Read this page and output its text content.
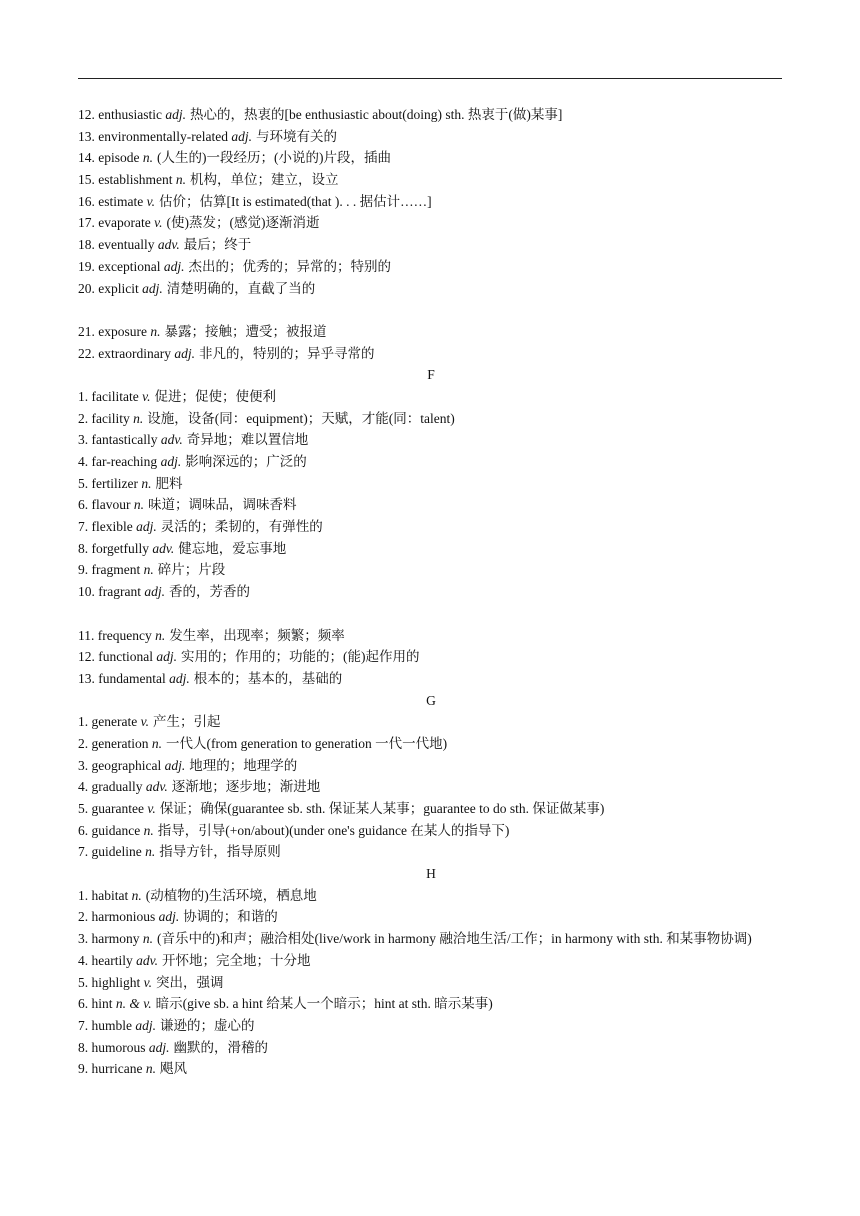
12. enthusiastic adj. 热心的，热衷的[be enthusiastic about(doing) sth. 热衷于(做)某事]
13. environmentally-related adj. 与环境有关的
14. episode n. (人生的)一段经历；(小说的)片段，插曲
15. establishment n. 机构，单位；建立，设立
16. estimate v. 估价；估算[It is estimated(that ). . . 据估计……]
17. evaporate v. (使)蒸发；(感觉)逐渐消逝
18. eventually adv. 最后；终于
19. exceptional adj. 杰出的；优秀的；异常的；特别的
20. explicit adj. 清楚明确的，直截了当的
21. exposure n. 暴露；接触；遭受；被报道
22. extraordinary adj. 非凡的，特别的；异乎寻常的
F
1. facilitate v. 促进；促使；使便利
2. facility n. 设施，设备(同：equipment)；天赋，才能(同：talent)
3. fantastically adv. 奇异地；难以置信地
4. far-reaching adj. 影响深远的；广泛的
5. fertilizer n. 肥料
6. flavour n. 味道；调味品，调味香料
7. flexible adj. 灵活的；柔韧的，有弹性的
8. forgetfully adv. 健忘地，爱忘事地
9. fragment n. 碎片；片段
10. fragrant adj. 香的，芳香的
11. frequency n. 发生率，出现率；频繁；频率
12. functional adj. 实用的；作用的；功能的；(能)起作用的
13. fundamental adj. 根本的；基本的，基础的
G
1. generate v. 产生；引起
2. generation n. 一代人(from generation to generation 一代一代地)
3. geographical adj. 地理的；地理学的
4. gradually adv. 逐渐地；逐步地；渐进地
5. guarantee v. 保证；确保(guarantee sb. sth. 保证某人某事；guarantee to do sth. 保证做某事)
6. guidance n. 指导，引导(+on/about)(under one's guidance 在某人的指导下)
7. guideline n. 指导方针，指导原则
H
1. habitat n. (动植物的)生活环境，栖息地
2. harmonious adj. 协调的；和谐的
3. harmony n. (音乐中的)和声；融洽相处(live/work in harmony 融洽地生活/工作；in harmony with sth. 和某事物协调)
4. heartily adv. 开怀地；完全地；十分地
5. highlight v. 突出，强调
6. hint n. & v. 暗示(give sb. a hint 给某人一个暗示；hint at sth. 暗示某事)
7. humble adj. 谦逊的；虚心的
8. humorous adj. 幽默的，滑稽的
9. hurricane n. 飓风
